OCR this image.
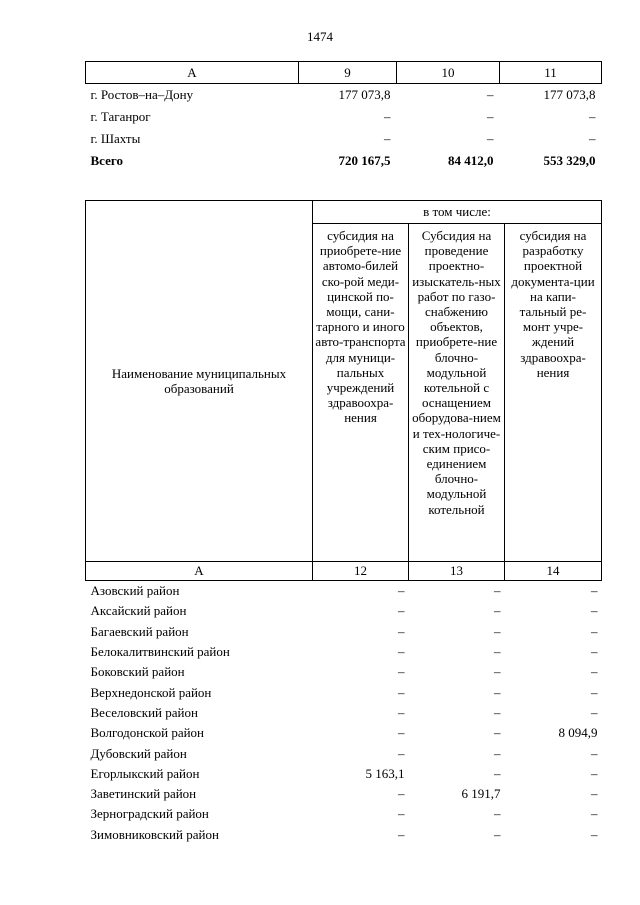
1474
А	9	10	11
г. Ростов–на–Дону	177 073,8	–	177 073,8
г. Таганрог	–	–	–
г. Шахты	–	–	–
Всего	720 167,5	84 412,0	553 329,0
Наименование муниципальных образований	в том числе:		
	субсидия на приобрете-ние автомо-билей ско-рой меди-цинской по-мощи, сани-тарного и иного авто-транспорта для муници-пальных учреждений здравоохра-нения	Субсидия на проведение проектно-изыскатель-ных работ по газо-снабжению объектов, приобрете-ние блочно-модульной котельной с оснащением оборудова-нием и тех-нологиче-ским присо-единением блочно-модульной котельной	субсидия на разработку проектной документа-ции на капи-тальный ре-монт учре-ждений здравоохра-нения
А	12	13	14
Азовский район	–	–	–
Аксайский район	–	–	–
Багаевский район	–	–	–
Белокалитвинский район	–	–	–
Боковский район	–	–	–
Верхнедонской район	–	–	–
Веселовский район	–	–	–
Волгодонской район	–	–	8 094,9
Дубовский район	–	–	–
Егорлыкский район	5 163,1	–	–
Заветинский район	–	6 191,7	–
Зерноградский район	–	–	–
Зимовниковский район	–	–	–
